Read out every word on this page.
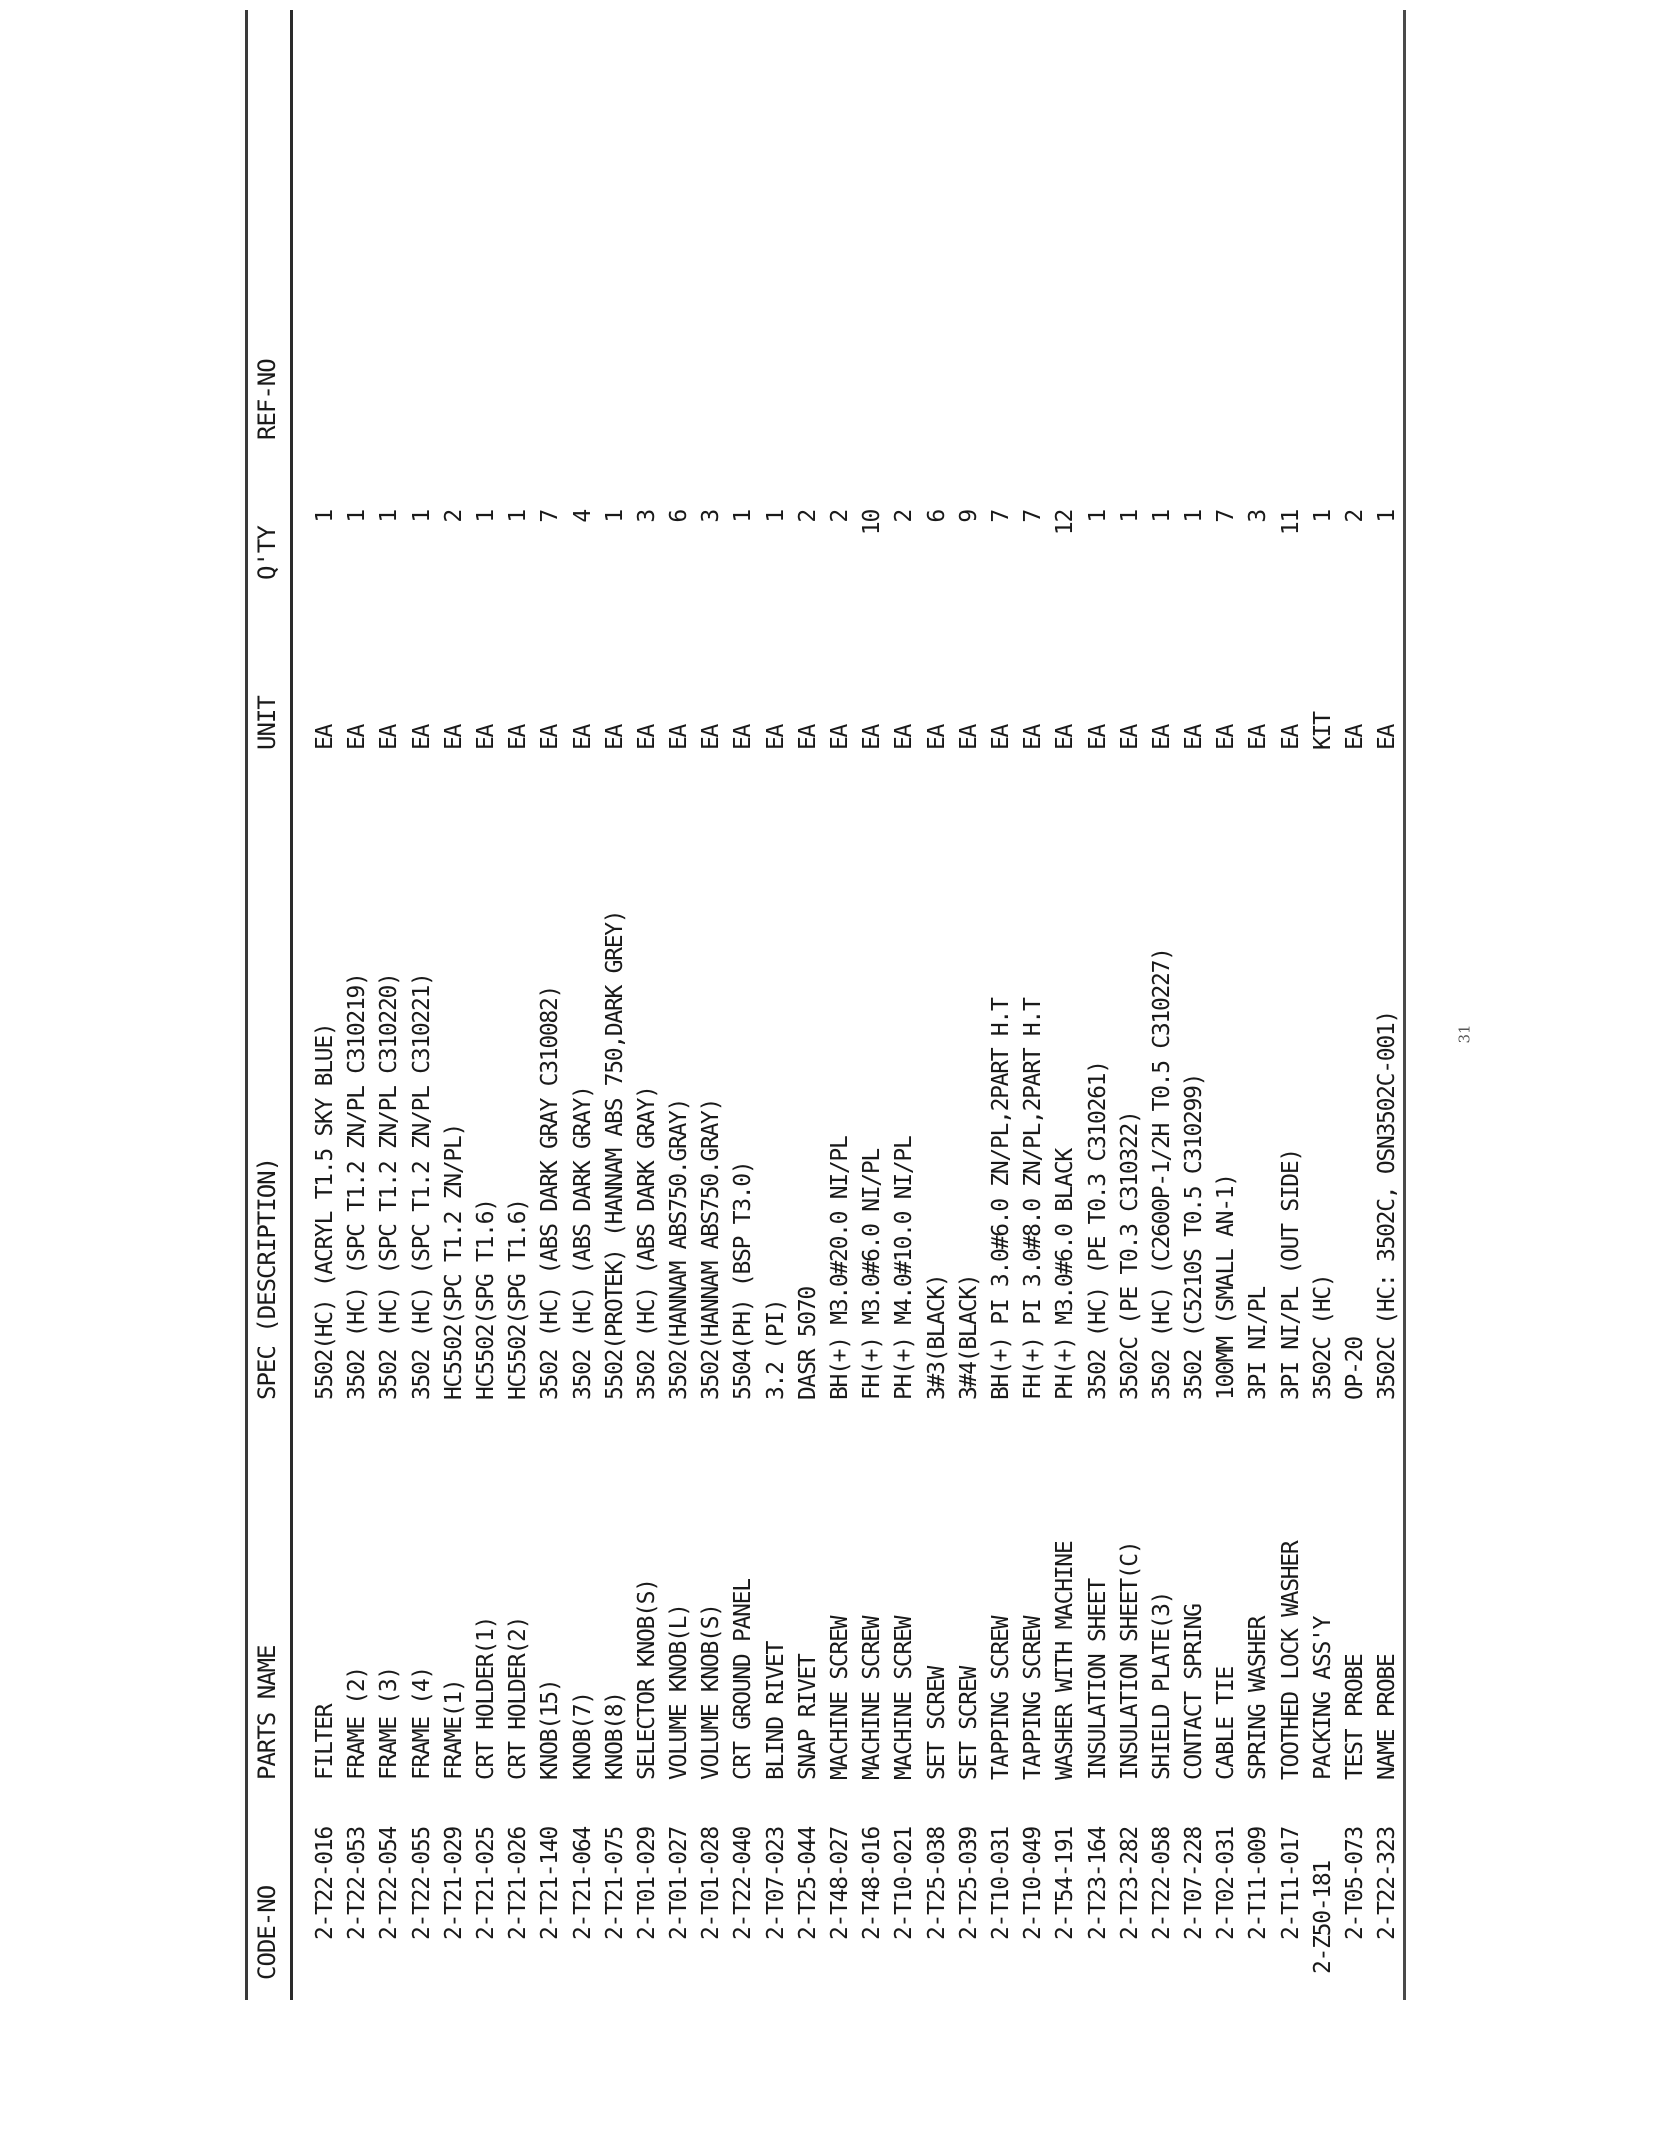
CODE-NO
PARTS NAME
SPEC (DESCRIPTION)
UNIT
Q'TY
REF-NO
2-T22-016
FILTER
5502(HC) (ACRYL T1.5 SKY BLUE)
EA
1
2-T22-053
FRAME (2)
3502 (HC) (SPC T1.2 ZN/PL C310219)
EA
1
2-T22-054
FRAME (3)
3502 (HC) (SPC T1.2 ZN/PL C310220)
EA
1
2-T22-055
FRAME (4)
3502 (HC) (SPC T1.2 ZN/PL C310221)
EA
1
2-T21-029
FRAME(1)
HC5502(SPC T1.2 ZN/PL)
EA
2
2-T21-025
CRT HOLDER(1)
HC5502(SPG T1.6)
EA
1
2-T21-026
CRT HOLDER(2)
HC5502(SPG T1.6)
EA
1
2-T21-140
KNOB(15)
3502 (HC) (ABS DARK GRAY C310082)
EA
7
2-T21-064
KNOB(7)
3502 (HC) (ABS DARK GRAY)
EA
4
2-T21-075
KNOB(8)
5502(PROTEK) (HANNAM ABS 750,DARK GREY)
EA
1
2-T01-029
SELECTOR KNOB(S)
3502 (HC) (ABS DARK GRAY)
EA
3
2-T01-027
VOLUME KNOB(L)
3502(HANNAM ABS750.GRAY)
EA
6
2-T01-028
VOLUME KNOB(S)
3502(HANNAM ABS750.GRAY)
EA
3
2-T22-040
CRT GROUND PANEL
5504(PH) (BSP T3.0)
EA
1
2-T07-023
BLIND RIVET
3.2 (PI)
EA
1
2-T25-044
SNAP RIVET
DASR 5070
EA
2
2-T48-027
MACHINE SCREW
BH(+) M3.0#20.0 NI/PL
EA
2
2-T48-016
MACHINE SCREW
FH(+) M3.0#6.0 NI/PL
EA
10
2-T10-021
MACHINE SCREW
PH(+) M4.0#10.0 NI/PL
EA
2
2-T25-038
SET SCREW
3#3(BLACK)
EA
6
2-T25-039
SET SCREW
3#4(BLACK)
EA
9
2-T10-031
TAPPING SCREW
BH(+) PI 3.0#6.0 ZN/PL,2PART H.T
EA
7
2-T10-049
TAPPING SCREW
FH(+) PI 3.0#8.0 ZN/PL,2PART H.T
EA
7
2-T54-191
WASHER WITH MACHINE
PH(+) M3.0#6.0 BLACK
EA
12
2-T23-164
INSULATION SHEET
3502 (HC) (PE T0.3 C310261)
EA
1
2-T23-282
INSULATION SHEET(C)
3502C (PE T0.3 C310322)
EA
1
2-T22-058
SHIELD PLATE(3)
3502 (HC) (C2600P-1/2H T0.5 C310227)
EA
1
2-T07-228
CONTACT SPRING
3502 (C5210S T0.5 C310299)
EA
1
2-T02-031
CABLE TIE
100MM (SMALL AN-1)
EA
7
2-T11-009
SPRING WASHER
3PI NI/PL
EA
3
2-T11-017
TOOTHED LOCK WASHER
3PI NI/PL (OUT SIDE)
EA
11
2-Z50-181
PACKING ASS'Y
3502C (HC)
KIT
1
2-T05-073
TEST PROBE
OP-20
EA
2
2-T22-323
NAME PROBE
3502C (HC: 3502C, OSN3502C-001)
EA
1
31
